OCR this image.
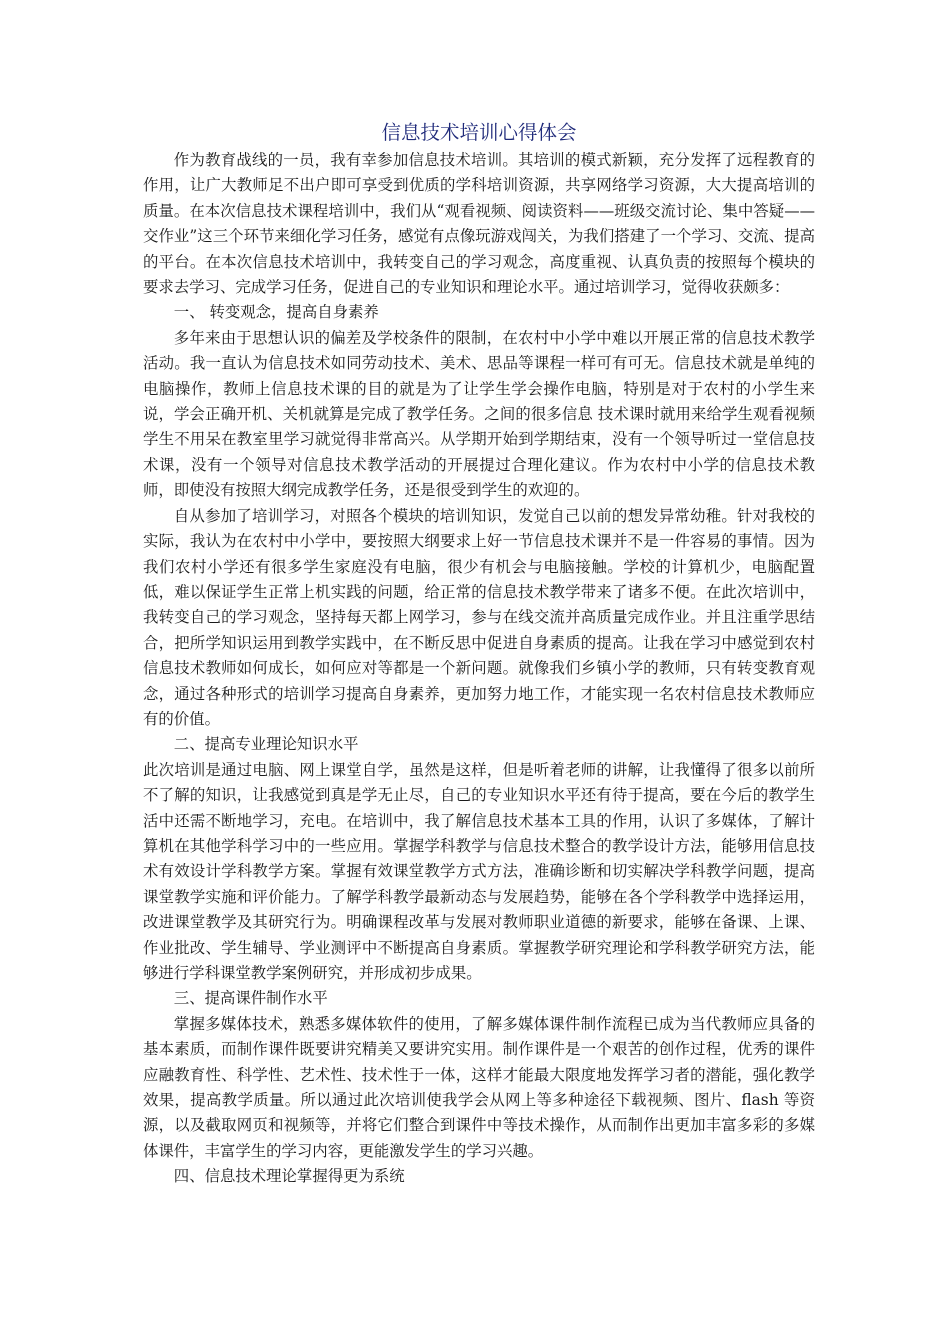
信息技术培训心得体会

作为教育战线的一员，我有幸参加信息技术培训。其培训的模式新颖，充分发挥了远程教育的作用，让广大教师足不出户即可享受到优质的学科培训资源，共享网络学习资源，大大提高培训的质量。在本次信息技术课程培训中，我们从“观看视频、阅读资料——班级交流讨论、集中答疑——交作业”这三个环节来细化学习任务，感觉有点像玩游戏闯关，为我们搭建了一个学习、交流、提高的平台。在本次信息技术培训中，我转变自己的学习观念，高度重视、认真负责的按照每个模块的要求去学习、完成学习任务，促进自己的专业知识和理论水平。通过培训学习，觉得收获颇多：

一、 转变观念，提高自身素养

多年来由于思想认识的偏差及学校条件的限制，在农村中小学中难以开展正常的信息技术教学活动。我一直认为信息技术如同劳动技术、美术、思品等课程一样可有可无。信息技术就是单纯的电脑操作，教师上信息技术课的目的就是为了让学生学会操作电脑，特别是对于农村的小学生来说，学会正确开机、关机就算是完成了教学任务。之间的很多信息 技术课时就用来给学生观看视频学生不用呆在教室里学习就觉得非常高兴。从学期开始到学期结束，没有一个领导听过一堂信息技术课，没有一个领导对信息技术教学活动的开展提过合理化建议。作为农村中小学的信息技术教师，即使没有按照大纲完成教学任务，还是很受到学生的欢迎的。

自从参加了培训学习，对照各个模块的培训知识，发觉自己以前的想发异常幼稚。针对我校的实际，我认为在农村中小学中，要按照大纲要求上好一节信息技术课并不是一件容易的事情。因为我们农村小学还有很多学生家庭没有电脑，很少有机会与电脑接触。学校的计算机少，电脑配置低，难以保证学生正常上机实践的问题，给正常的信息技术教学带来了诸多不便。在此次培训中，我转变自己的学习观念，坚持每天都上网学习，参与在线交流并高质量完成作业。并且注重学思结合，把所学知识运用到教学实践中，在不断反思中促进自身素质的提高。让我在学习中感觉到农村信息技术教师如何成长，如何应对等都是一个新问题。就像我们乡镇小学的教师，只有转变教育观念，通过各种形式的培训学习提高自身素养，更加努力地工作，才能实现一名农村信息技术教师应有的价值。

二、提高专业理论知识水平

此次培训是通过电脑、网上课堂自学，虽然是这样，但是听着老师的讲解，让我懂得了很多以前所不了解的知识，让我感觉到真是学无止尽，自己的专业知识水平还有待于提高，要在今后的教学生活中还需不断地学习，充电。在培训中，我了解信息技术基本工具的作用，认识了多媒体，了解计算机在其他学科学习中的一些应用。掌握学科教学与信息技术整合的教学设计方法，能够用信息技术有效设计学科教学方案。掌握有效课堂教学方式方法，准确诊断和切实解决学科教学问题，提高课堂教学实施和评价能力。了解学科教学最新动态与发展趋势，能够在各个学科教学中选择运用，改进课堂教学及其研究行为。明确课程改革与发展对教师职业道德的新要求，能够在备课、上课、作业批改、学生辅导、学业测评中不断提高自身素质。掌握教学研究理论和学科教学研究方法，能够进行学科课堂教学案例研究，并形成初步成果。

三、提高课件制作水平

掌握多媒体技术，熟悉多媒体软件的使用，了解多媒体课件制作流程已成为当代教师应具备的基本素质，而制作课件既要讲究精美又要讲究实用。制作课件是一个艰苦的创作过程，优秀的课件应融教育性、科学性、艺术性、技术性于一体，这样才能最大限度地发挥学习者的潜能，强化教学效果，提高教学质量。所以通过此次培训使我学会从网上等多种途径下载视频、图片、flash 等资源，以及截取网页和视频等，并将它们整合到课件中等技术操作，从而制作出更加丰富多彩的多媒体课件，丰富学生的学习内容，更能激发学生的学习兴趣。

四、信息技术理论掌握得更为系统
